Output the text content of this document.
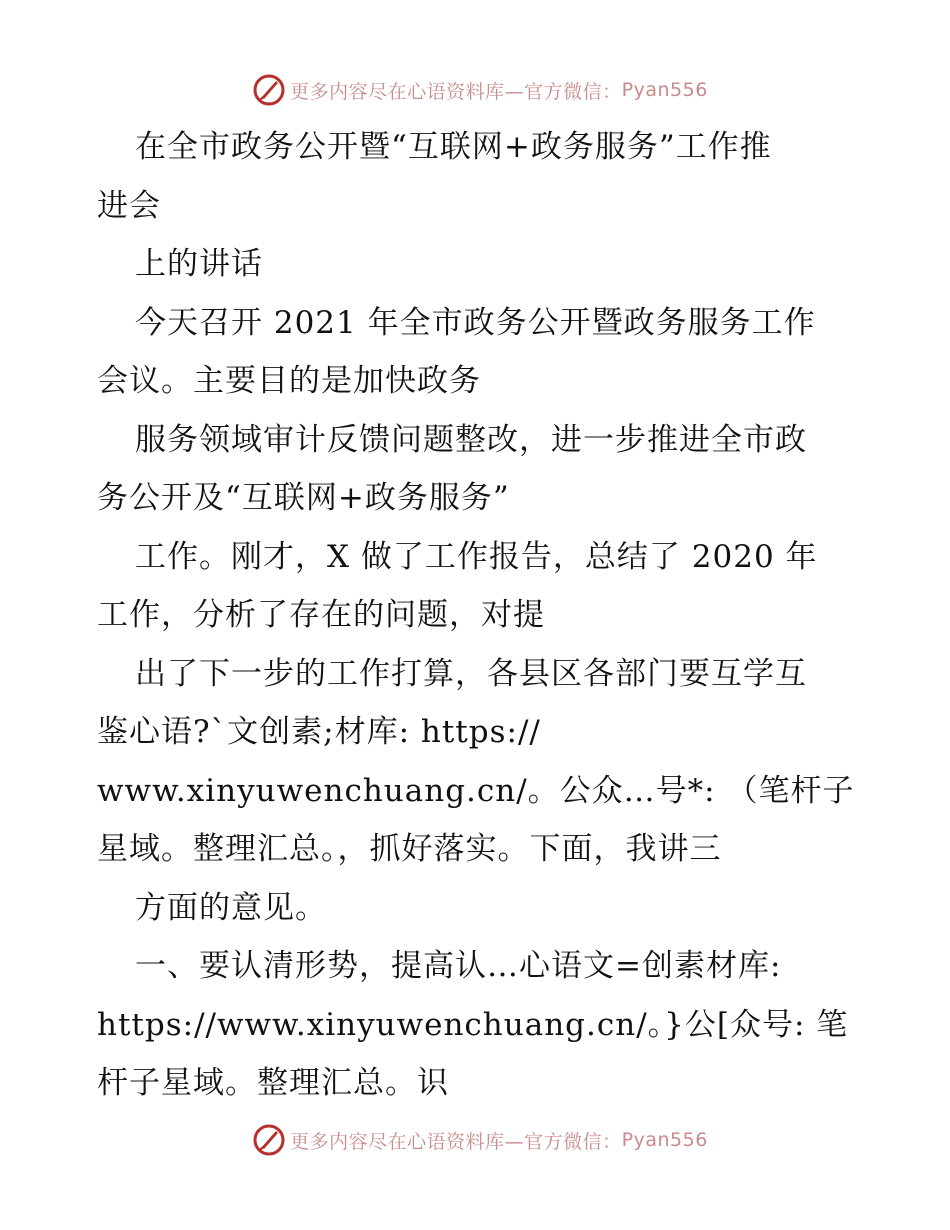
更多内容尽在心语资料库—官方微信： Pyan556
在全市政务公开暨“互联网+政务服务”工作推
进会
上的讲话
今天召开 2021 年全市政务公开暨政务服务工作
会议。主要目的是加快政务
服务领域审计反馈问题整改，进一步推进全市政
务公开及“互联网+政务服务”
工作。刚才，X 做了工作报告，总结了 2020 年
工作，分析了存在的问题，对提
出了下一步的工作打算，各县区各部门要互学互
鉴心语?`文创素;材库: https://
www.xinyuwenchuang.cn/。公众…号*: （笔杆子
星域。整理汇总。，抓好落实。下面，我讲三
方面的意见。
一、要认清形势，提高认…心语文=创素材库:
https://www.xinyuwenchuang.cn/。}公[众号: 笔
杆子星域。整理汇总。识
更多内容尽在心语资料库—官方微信： Pyan556
